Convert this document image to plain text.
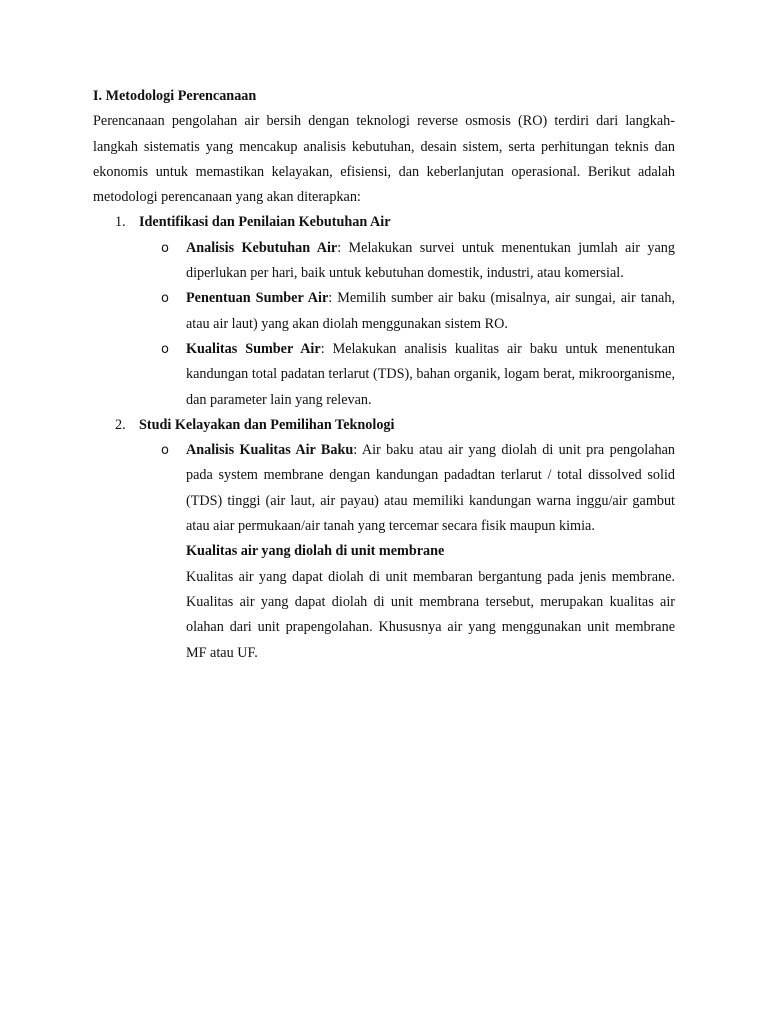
I. Metodologi Perencanaan

Perencanaan pengolahan air bersih dengan teknologi reverse osmosis (RO) terdiri dari langkah-langkah sistematis yang mencakup analisis kebutuhan, desain sistem, serta perhitungan teknis dan ekonomis untuk memastikan kelayakan, efisiensi, dan keberlanjutan operasional. Berikut adalah metodologi perencanaan yang akan diterapkan:

1. Identifikasi dan Penilaian Kebutuhan Air
o Analisis Kebutuhan Air: Melakukan survei untuk menentukan jumlah air yang diperlukan per hari, baik untuk kebutuhan domestik, industri, atau komersial.
o Penentuan Sumber Air: Memilih sumber air baku (misalnya, air sungai, air tanah, atau air laut) yang akan diolah menggunakan sistem RO.
o Kualitas Sumber Air: Melakukan analisis kualitas air baku untuk menentukan kandungan total padatan terlarut (TDS), bahan organik, logam berat, mikroorganisme, dan parameter lain yang relevan.
2. Studi Kelayakan dan Pemilihan Teknologi
o Analisis Kualitas Air Baku: Air baku atau air yang diolah di unit pra pengolahan pada system membrane dengan kandungan padadtan terlarut / total dissolved solid (TDS) tinggi (air laut, air payau) atau memiliki kandungan warna inggu/air gambut atau aiar permukaan/air tanah yang tercemar secara fisik maupun kimia.
Kualitas air yang diolah di unit membrane
Kualitas air yang dapat diolah di unit membaran bergantung pada jenis membrane. Kualitas air yang dapat diolah di unit membrana tersebut, merupakan kualitas air olahan dari unit prapengolahan. Khususnya air yang menggunakan unit membrane MF atau UF.
